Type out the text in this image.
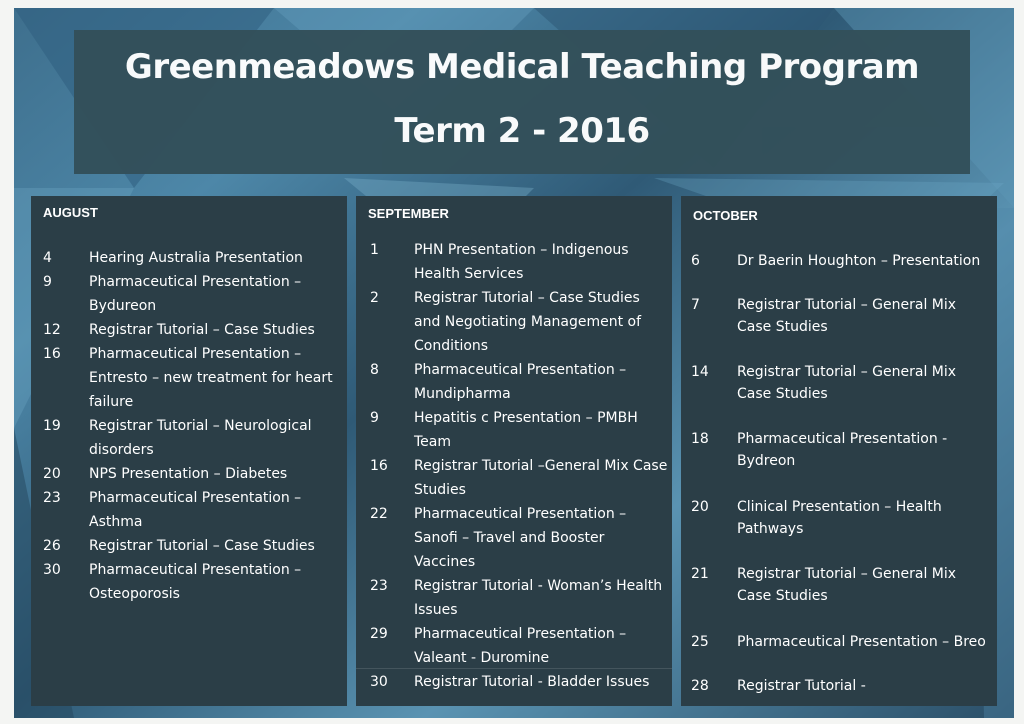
Greenmeadows Medical Teaching Program
Term 2 - 2016
AUGUST
4	Hearing Australia Presentation
9	Pharmaceutical Presentation – Bydureon
12 Registrar Tutorial – Case Studies
16 Pharmaceutical Presentation – Entresto – new treatment for heart failure
19 Registrar Tutorial – Neurological disorders
20 NPS Presentation – Diabetes
23 Pharmaceutical Presentation – Asthma
26 Registrar Tutorial – Case Studies
30 Pharmaceutical Presentation – Osteoporosis
SEPTEMBER
1	PHN Presentation – Indigenous Health Services
2	Registrar Tutorial – Case Studies and Negotiating Management of Conditions
8	Pharmaceutical Presentation – Mundipharma
9	Hepatitis c Presentation – PMBH Team
16 Registrar Tutorial –General Mix Case Studies
22 Pharmaceutical Presentation – Sanofi – Travel and Booster Vaccines
23 Registrar Tutorial - Woman’s Health Issues
29 Pharmaceutical Presentation – Valeant - Duromine
30 Registrar Tutorial - Bladder Issues
OCTOBER
6	Dr Baerin Houghton – Presentation
7	Registrar Tutorial – General Mix Case Studies
14 Registrar Tutorial – General Mix Case Studies
18 Pharmaceutical Presentation - Bydreon
20 Clinical Presentation – Health Pathways
21 Registrar Tutorial – General Mix Case Studies
25 Pharmaceutical Presentation – Breo
28 Registrar Tutorial -
